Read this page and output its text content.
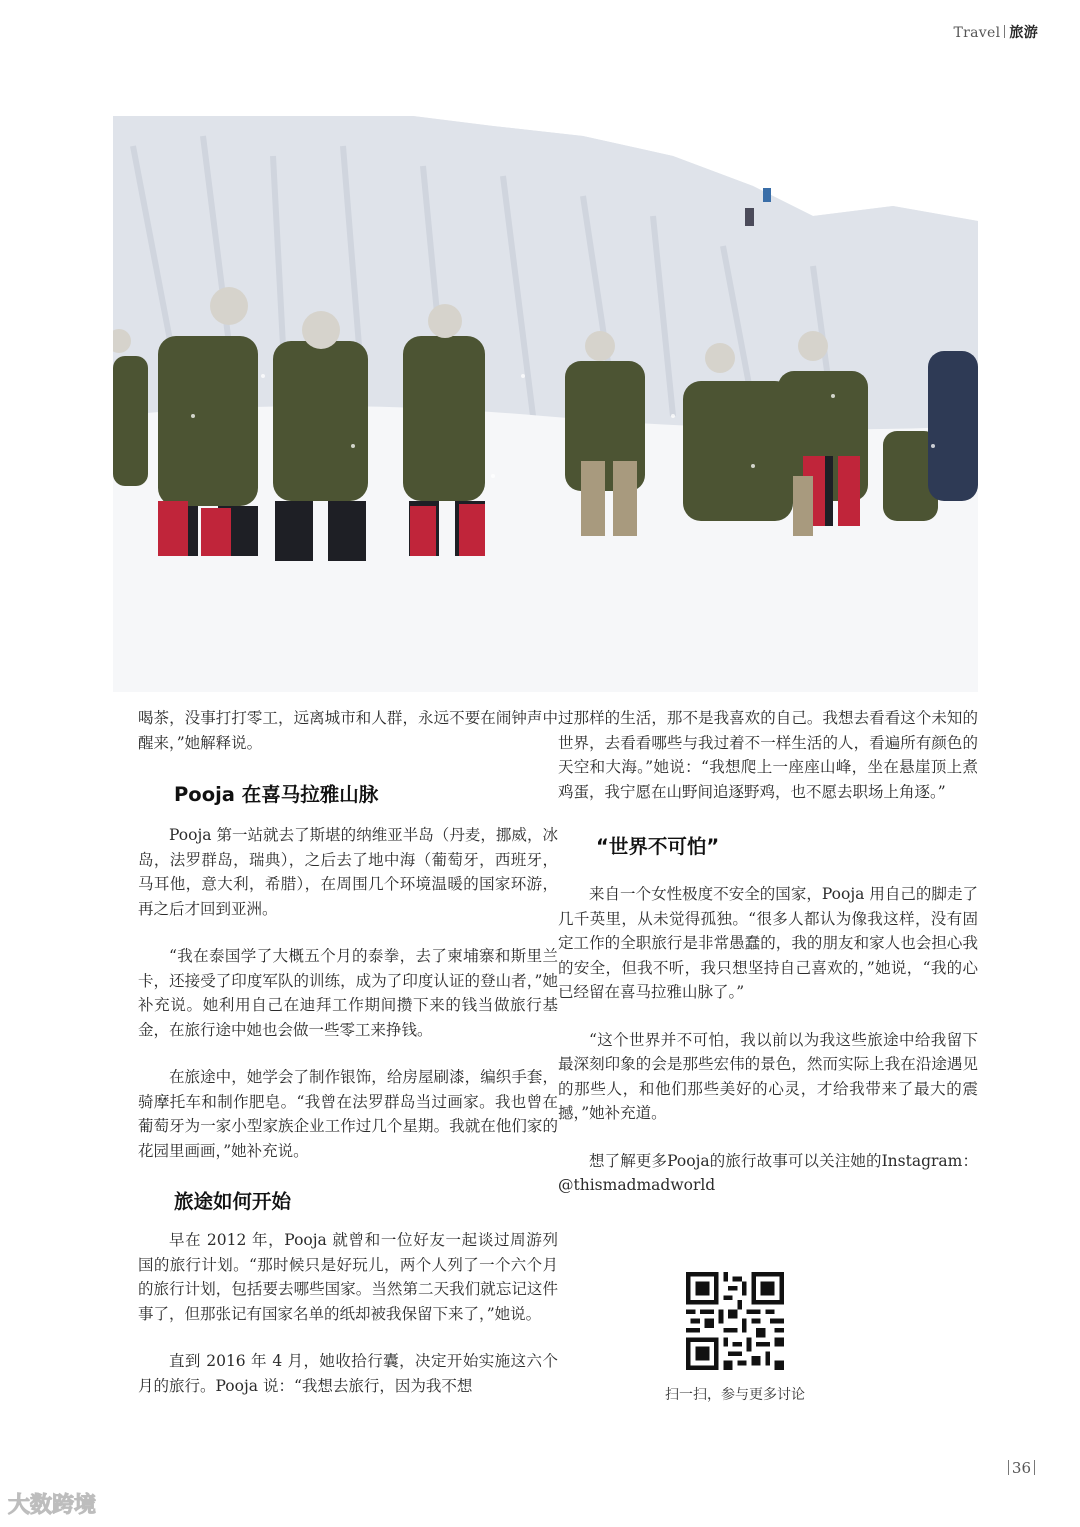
Travel 旅游

喝茶，没事打打零工，远离城市和人群，永远不要在闹钟声中醒来，”她解释说。

Pooja 在喜马拉雅山脉

Pooja 第一站就去了斯堪的纳维亚半岛（丹麦，挪威，冰岛，法罗群岛，瑞典），之后去了地中海（葡萄牙，西班牙，马耳他，意大利，希腊），在周围几个环境温暖的国家环游，再之后才回到亚洲。

“我在泰国学了大概五个月的泰拳，去了柬埔寨和斯里兰卡，还接受了印度军队的训练，成为了印度认证的登山者，”她补充说。她利用自己在迪拜工作期间攒下来的钱当做旅行基金，在旅行途中她也会做一些零工来挣钱。

在旅途中，她学会了制作银饰，给房屋刷漆，编织手套，骑摩托车和制作肥皂。“我曾在法罗群岛当过画家。我也曾在葡萄牙为一家小型家族企业工作过几个星期。我就在他们家的花园里画画，”她补充说。

旅途如何开始

早在 2012 年，Pooja 就曾和一位好友一起谈过周游列国的旅行计划。“那时候只是好玩儿，两个人列了一个六个月的旅行计划，包括要去哪些国家。当然第二天我们就忘记这件事了，但那张记有国家名单的纸却被我保留下来了，”她说。

直到 2016 年 4 月，她收拾行囊，决定开始实施这六个月的旅行。Pooja 说：“我想去旅行，因为我不想

过那样的生活，那不是我喜欢的自己。我想去看看这个未知的世界，去看看哪些与我过着不一样生活的人，看遍所有颜色的天空和大海。”她说：“我想爬上一座座山峰，坐在悬崖顶上煮鸡蛋，我宁愿在山野间追逐野鸡，也不愿去职场上角逐。”

“世界不可怕”

来自一个女性极度不安全的国家，Pooja 用自己的脚走了几千英里，从未觉得孤独。“很多人都认为像我这样，没有固定工作的全职旅行是非常愚蠢的，我的朋友和家人也会担心我的安全，但我不听，我只想坚持自己喜欢的，”她说，“我的心已经留在喜马拉雅山脉了。”

“这个世界并不可怕，我以前以为我这些旅途中给我留下最深刻印象的会是那些宏伟的景色，然而实际上我在沿途遇见的那些人，和他们那些美好的心灵，才给我带来了最大的震撼，”她补充道。

想了解更多Pooja的旅行故事可以关注她的Instagram：@thismadmadworld

扫一扫，参与更多讨论
36
大数跨境
